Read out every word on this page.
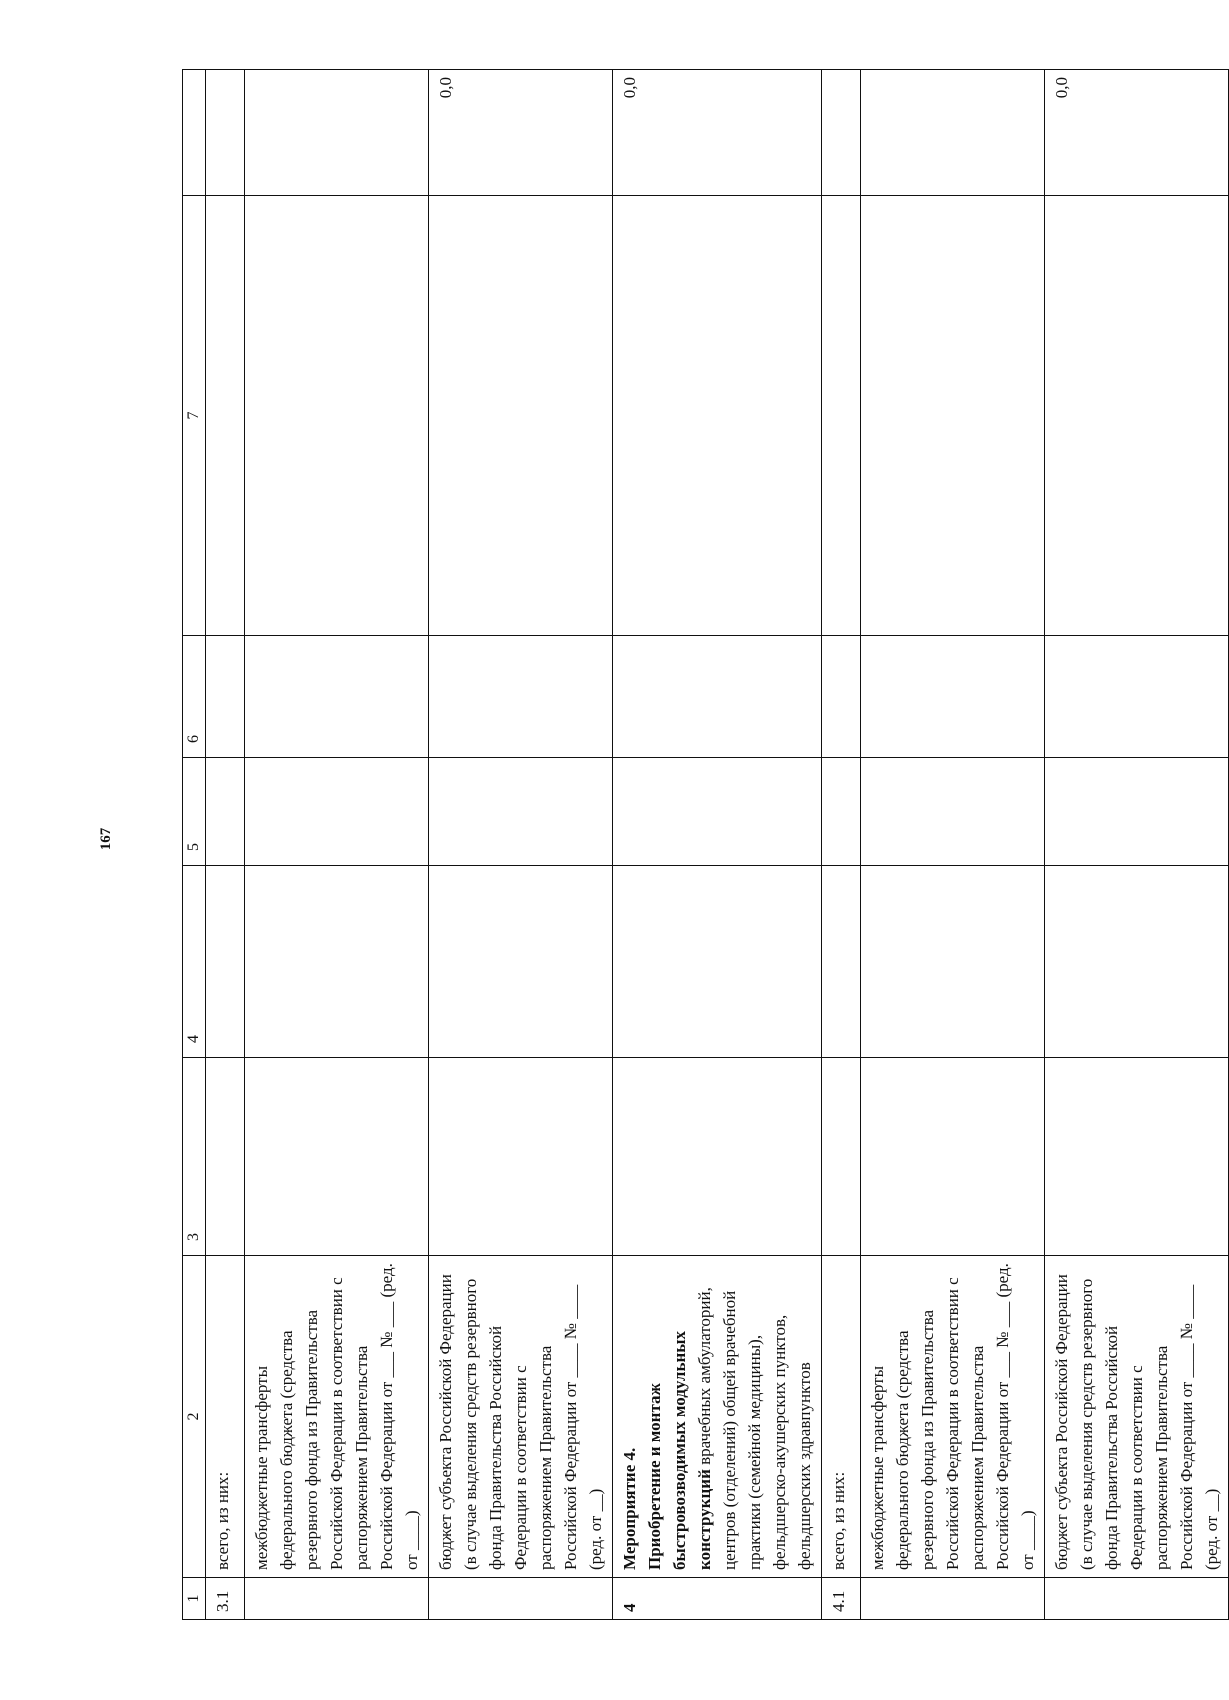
167
1	2	3	4	5	6	7	
3.1	всего, из них:						
	межбюджетные трансферты федерального бюджета (средства резервного фонда из Правительства Российской Федерации в соответствии с распоряжением Правительства Российской Федерации от ___ № ___ (ред. от ____)						
	бюджет субъекта Российской Федерации (в случае выделения средств резервного фонда Правительства Российской Федерации в соответствии с распоряжением Правительства Российской Федерации от ____ № ____ (ред. от __)						0,0
4	Мероприятие 4. Приобретение и монтаж быстровозводимых модульных конструкций врачебных амбулаторий, центров (отделений) общей врачебной практики (семейной медицины), фельдшерско-акушерских пунктов, фельдшерских здравпунктов						0,0
4.1	всего, из них:						
	межбюджетные трансферты федерального бюджета (средства резервного фонда из Правительства Российской Федерации в соответствии с распоряжением Правительства Российской Федерации от ___ № ___ (ред. от ____)						
	бюджет субъекта Российской Федерации (в случае выделения средств резервного фонда Правительства Российской Федерации в соответствии с распоряжением Правительства Российской Федерации от ____ № ____ (ред. от __)						0,0
